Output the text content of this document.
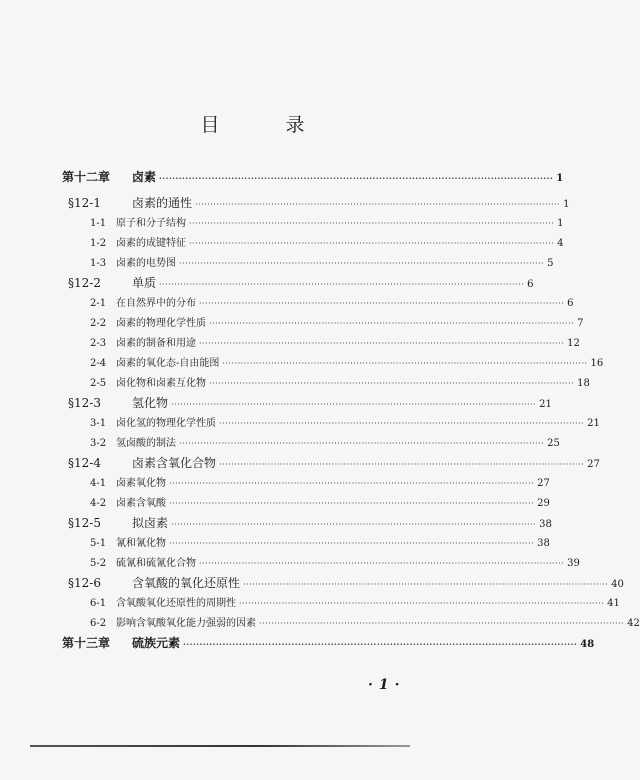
目 录
第十二章	卤素 ························································································································ 1
§12-1	卤素的通性 ························································································································ 1
1-1 原子和分子结构 ························································································································ 1
1-2 卤素的成键特征 ························································································································ 4
1-3 卤素的电势图 ························································································································ 5
§12-2	单质 ························································································································ 6
2-1 在自然界中的分布 ························································································································ 6
2-2 卤素的物理化学性质 ························································································································ 7
2-3 卤素的制备和用途 ························································································································ 12
2-4 卤素的氧化态-自由能图 ························································································································ 16
2-5 卤化物和卤素互化物 ························································································································ 18
§12-3	氢化物 ························································································································ 21
3-1 卤化氢的物理化学性质 ························································································································ 21
3-2 氢卤酸的制法 ························································································································ 25
§12-4	卤素含氧化合物 ························································································································ 27
4-1 卤素氧化物 ························································································································ 27
4-2 卤素含氧酸 ························································································································ 29
§12-5	拟卤素 ························································································································ 38
5-1 氰和氰化物 ························································································································ 38
5-2 硫氰和硫氰化合物 ························································································································ 39
§12-6	含氧酸的氧化还原性 ························································································································ 40
6-1 含氧酸氧化还原性的周期性 ························································································································ 41
6-2 影响含氧酸氧化能力强弱的因素 ························································································································ 42
第十三章	硫族元素 ························································································································ 48
·1·
